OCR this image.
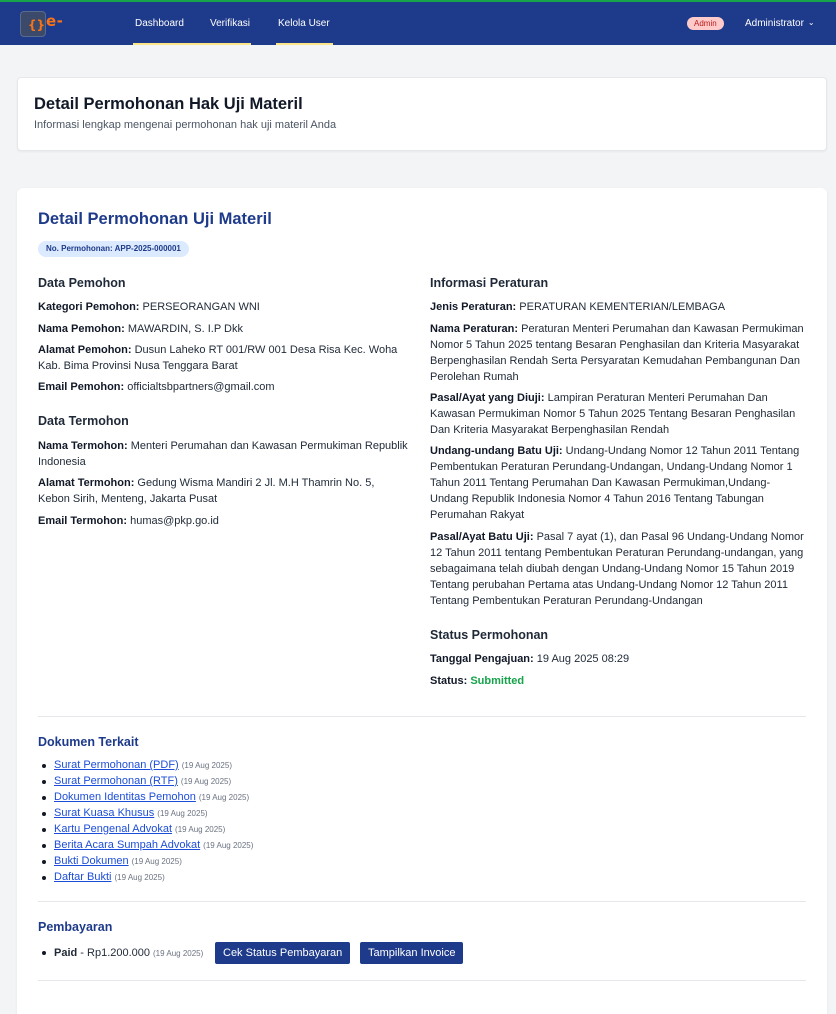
{} e-HUM	Dashboard	Verifikasi	Kelola User	Admin	Administrator ⌄
Detail Permohonan Hak Uji Materil

Informasi lengkap mengenai permohonan hak uji materil Anda

Detail Permohonan Uji Materil
No. Permohonan: APP-2025-000001
Data Pemohon
Kategori Pemohon: PERSEORANGAN WNI
Nama Pemohon: MAWARDIN, S. I.P Dkk
Alamat Pemohon: Dusun Laheko RT 001/RW 001 Desa Risa Kec. Woha Kab. Bima Provinsi Nusa Tenggara Barat
Email Pemohon: officialtsbpartners@gmail.com
Data Termohon
Nama Termohon: Menteri Perumahan dan Kawasan Permukiman Republik Indonesia
Alamat Termohon: Gedung Wisma Mandiri 2 Jl. M.H Thamrin No. 5, Kebon Sirih, Menteng, Jakarta Pusat
Email Termohon: humas@pkp.go.id
Informasi Peraturan
Jenis Peraturan: PERATURAN KEMENTERIAN/LEMBAGA
Nama Peraturan: Peraturan Menteri Perumahan dan Kawasan Permukiman Nomor 5 Tahun 2025 tentang Besaran Penghasilan dan Kriteria Masyarakat Berpenghasilan Rendah Serta Persyaratan Kemudahan Pembangunan Dan Perolehan Rumah
Pasal/Ayat yang Diuji: Lampiran Peraturan Menteri Perumahan Dan Kawasan Permukiman Nomor 5 Tahun 2025 Tentang Besaran Penghasilan Dan Kriteria Masyarakat Berpenghasilan Rendah
Undang-undang Batu Uji: Undang-Undang Nomor 12 Tahun 2011 Tentang Pembentukan Peraturan Perundang-Undangan, Undang-Undang Nomor 1 Tahun 2011 Tentang Perumahan Dan Kawasan Permukiman,Undang-Undang Republik Indonesia Nomor 4 Tahun 2016 Tentang Tabungan Perumahan Rakyat
Pasal/Ayat Batu Uji: Pasal 7 ayat (1), dan Pasal 96 Undang-Undang Nomor 12 Tahun 2011 tentang Pembentukan Peraturan Perundang-undangan, yang sebagaimana telah diubah dengan Undang-Undang Nomor 15 Tahun 2019 Tentang perubahan Pertama atas Undang-Undang Nomor 12 Tahun 2011 Tentang Pembentukan Peraturan Perundang-Undangan
Status Permohonan
Tanggal Pengajuan: 19 Aug 2025 08:29
Status: Submitted
Dokumen Terkait
Surat Permohonan (PDF) (19 Aug 2025)
Surat Permohonan (RTF) (19 Aug 2025)
Dokumen Identitas Pemohon (19 Aug 2025)
Surat Kuasa Khusus (19 Aug 2025)
Kartu Pengenal Advokat (19 Aug 2025)
Berita Acara Sumpah Advokat (19 Aug 2025)
Bukti Dokumen (19 Aug 2025)
Daftar Bukti (19 Aug 2025)
Pembayaran
Paid - Rp1.200.000 (19 Aug 2025)	Cek Status Pembayaran	Tampilkan Invoice
